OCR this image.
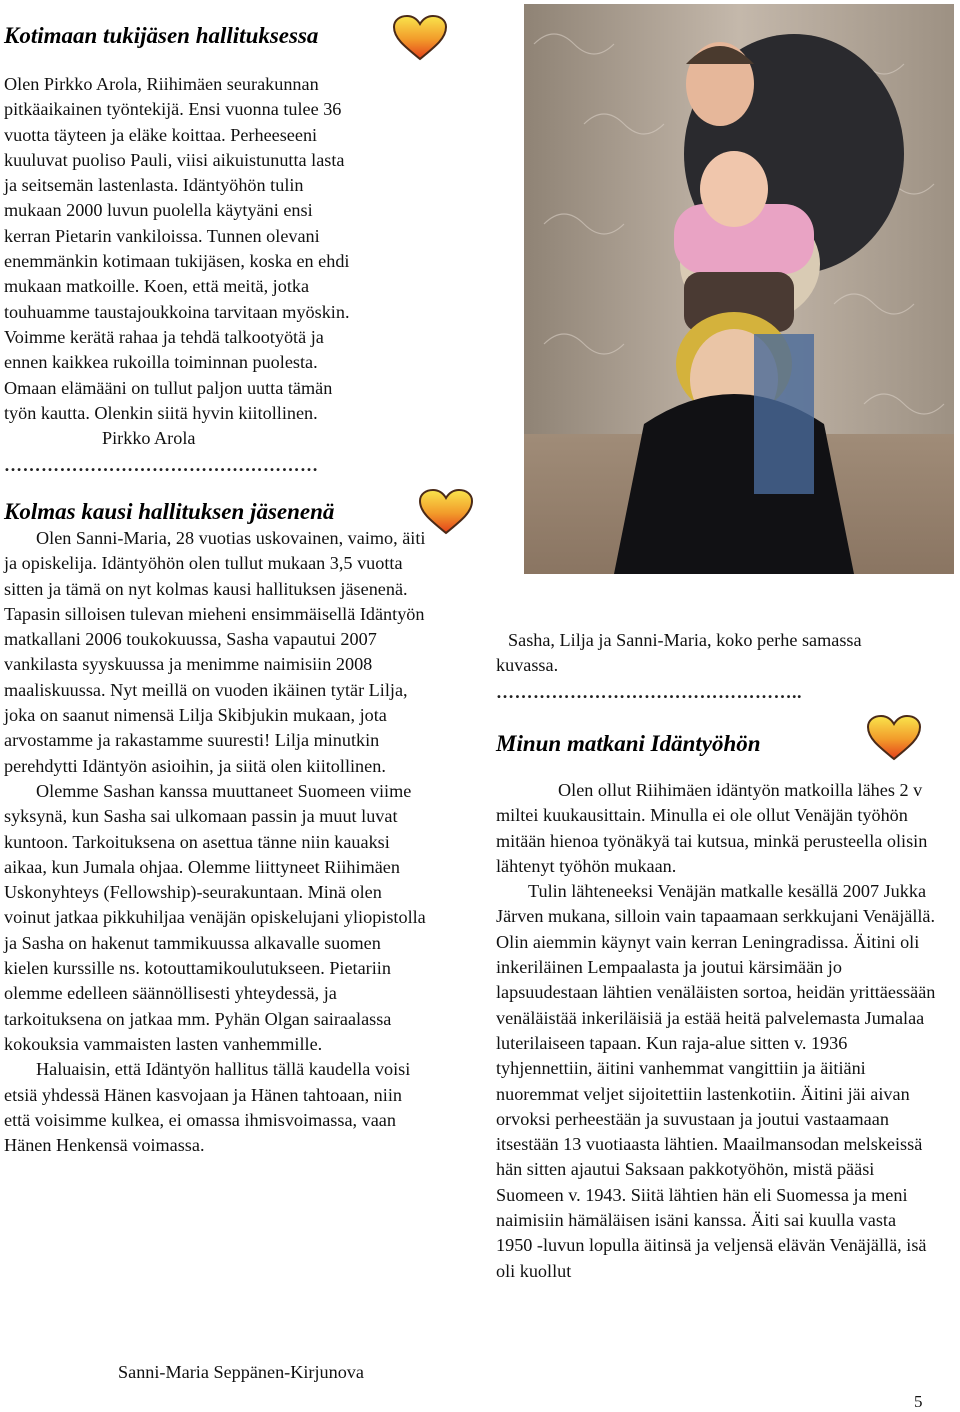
Kotimaan tukijäsen hallituksessa
Olen Pirkko Arola, Riihimäen seurakunnan
pitkäaikainen työntekijä. Ensi vuonna tulee 36
vuotta täyteen ja eläke koittaa. Perheeseeni
kuuluvat puoliso Pauli, viisi aikuistunutta lasta
ja seitsemän lastenlasta. Idäntyöhön tulin
mukaan 2000 luvun puolella käytyäni ensi
kerran Pietarin vankiloissa. Tunnen olevani
enemmänkin kotimaan tukijäsen, koska en ehdi
mukaan matkoille. Koen, että meitä, jotka
touhuamme taustajoukkoina tarvitaan myöskin.
Voimme kerätä rahaa ja tehdä talkootyötä ja
ennen kaikkea rukoilla toiminnan puolesta.
Omaan elämääni on tullut paljon uutta tämän
työn kautta. Olenkin siitä hyvin kiitollinen.
Pirkko Arola
……………………………………………
Kolmas kausi hallituksen jäsenenä

Olen Sanni-Maria, 28 vuotias uskovainen, vaimo, äiti ja opiskelija. Idäntyöhön olen tullut mukaan 3,5 vuotta sitten ja tämä on nyt kolmas kausi hallituksen jäsenenä. Tapasin silloisen tulevan mieheni ensimmäisellä Idäntyön matkallani 2006 toukokuussa, Sasha vapautui 2007 vankilasta syyskuussa ja menimme naimisiin 2008 maaliskuussa. Nyt meillä on vuoden ikäinen tytär Lilja, joka on saanut nimensä Lilja Skibjukin mukaan, jota arvostamme ja rakastamme suuresti! Lilja minutkin perehdytti Idäntyön asioihin, ja siitä olen kiitollinen.

Olemme Sashan kanssa muuttaneet Suomeen viime syksynä, kun Sasha sai ulkomaan passin ja muut luvat kuntoon. Tarkoituksena on asettua tänne niin kauaksi aikaa, kun Jumala ohjaa. Olemme liittyneet Riihimäen Uskonyhteys (Fellowship)-seurakuntaan. Minä olen voinut jatkaa pikkuhiljaa venäjän opiskelujani yliopistolla ja Sasha on hakenut tammikuussa alkavalle suomen kielen kurssille ns. kotouttamikoulutukseen. Pietariin olemme edelleen säännöllisesti yhteydessä, ja tarkoituksena on jatkaa mm. Pyhän Olgan sairaalassa kokouksia vammaisten lasten vanhemmille.

Haluaisin, että Idäntyön hallitus tällä kaudella voisi etsiä yhdessä Hänen kasvojaan ja Hänen tahtoaan, niin että voisimme kulkea, ei omassa ihmisvoimassa, vaan Hänen Henkensä voimassa.

Sanni-Maria Seppänen-Kirjunova
Sasha, Lilja ja Sanni-Maria, koko perhe samassa kuvassa.
…………………………………………..
Minun matkani Idäntyöhön

Olen ollut Riihimäen idäntyön matkoilla lähes 2 v miltei kuukausittain. Minulla ei ole ollut Venäjän työhön mitään hienoa työnäkyä tai kutsua, minkä perusteella olisin lähtenyt työhön mukaan.

Tulin lähteneeksi Venäjän matkalle kesällä 2007 Jukka Järven mukana, silloin vain tapaamaan serkkujani Venäjällä. Olin aiemmin käynyt vain kerran Leningradissa. Äitini oli inkeriläinen Lempaalasta ja joutui kärsimään jo lapsuudestaan lähtien venäläisten sortoa, heidän yrittäessään venäläistää inkeriläisiä ja estää heitä palvelemasta Jumalaa luterilaiseen tapaan. Kun raja-alue sitten v. 1936 tyhjennettiin, äitini vanhemmat vangittiin ja äitiäni nuoremmat veljet sijoitettiin lastenkotiin. Äitini jäi aivan orvoksi perheestään ja suvustaan ja joutui vastaamaan itsestään 13 vuotiaasta lähtien. Maailmansodan melskeissä hän sitten ajautui Saksaan pakkotyöhön, mistä pääsi Suomeen v. 1943. Siitä lähtien hän eli Suomessa ja meni naimisiin hämäläisen isäni kanssa. Äiti sai kuulla vasta 1950 -luvun lopulla äitinsä ja veljensä elävän Venäjällä, isä oli kuollut

5
